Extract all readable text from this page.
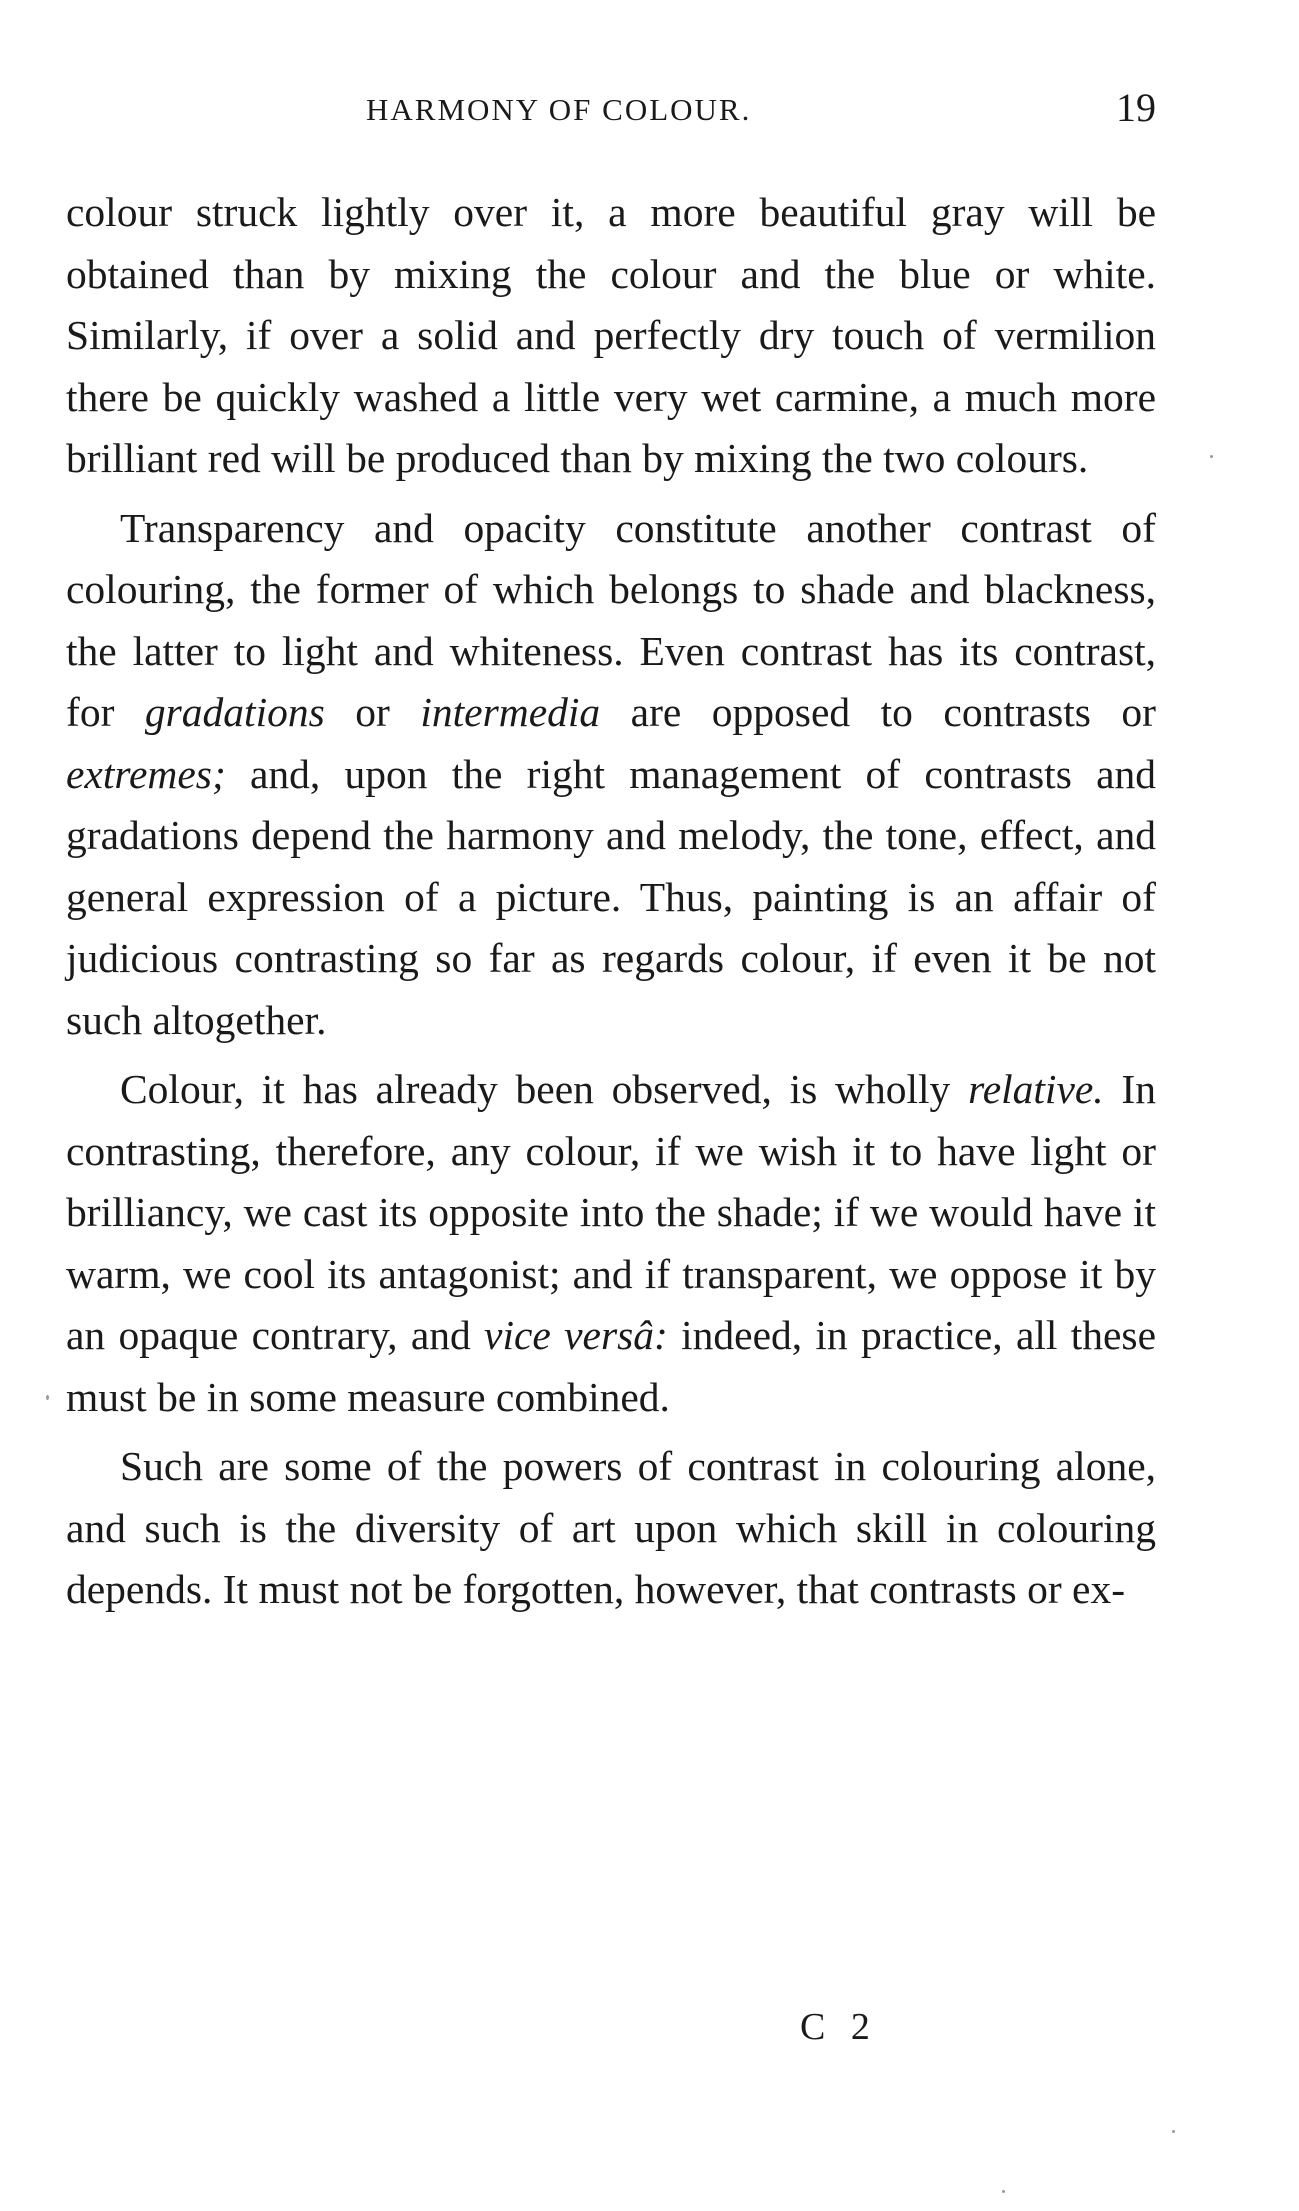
HARMONY OF COLOUR.	19

colour struck lightly over it, a more beautiful gray will be obtained than by mixing the colour and the blue or white. Similarly, if over a solid and perfectly dry touch of vermilion there be quickly washed a little very wet carmine, a much more brilliant red will be produced than by mixing the two colours.

Transparency and opacity constitute another contrast of colouring, the former of which belongs to shade and blackness, the latter to light and whiteness. Even contrast has its contrast, for gradations or intermedia are opposed to contrasts or extremes; and, upon the right management of contrasts and gradations depend the harmony and melody, the tone, effect, and general expression of a picture. Thus, painting is an affair of judicious contrasting so far as regards colour, if even it be not such altogether.

Colour, it has already been observed, is wholly relative. In contrasting, therefore, any colour, if we wish it to have light or brilliancy, we cast its opposite into the shade; if we would have it warm, we cool its antagonist; and if transparent, we oppose it by an opaque contrary, and vice versâ: indeed, in practice, all these must be in some measure combined.

Such are some of the powers of contrast in colouring alone, and such is the diversity of art upon which skill in colouring depends. It must not be forgotten, however, that contrasts or ex-

C 2
